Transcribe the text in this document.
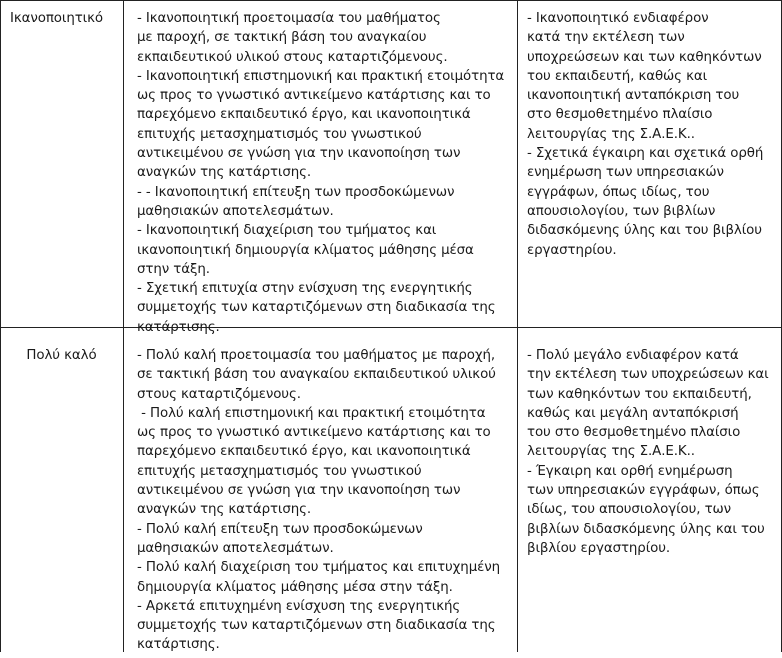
Ικανοποιητικό	- Ικανοποιητική προετοιμασία του μαθήματος
με παροχή, σε τακτική βάση του αναγκαίου
εκπαιδευτικού υλικού στους καταρτιζόμενους.
- Ικανοποιητική επιστημονική και πρακτική ετοιμότητα
ως προς το γνωστικό αντικείμενο κατάρτισης και το
παρεχόμενο εκπαιδευτικό έργο, και ικανοποιητικά
επιτυχής μετασχηματισμός του γνωστικού
αντικειμένου σε γνώση για την ικανοποίηση των
αναγκών της κατάρτισης.
- - Ικανοποιητική επίτευξη των προσδοκώμενων
μαθησιακών αποτελεσμάτων.
- Ικανοποιητική διαχείριση του τμήματος και
ικανοποιητική δημιουργία κλίματος μάθησης μέσα
στην τάξη.
- Σχετική επιτυχία στην ενίσχυση της ενεργητικής
συμμετοχής των καταρτιζόμενων στη διαδικασία της
κατάρτισης.
- Ικανοποιητικό ενδιαφέρον
κατά την εκτέλεση των
υποχρεώσεων και των καθηκόντων
του εκπαιδευτή, καθώς και
ικανοποιητική ανταπόκριση του
στο θεσμοθετημένο πλαίσιο
λειτουργίας της Σ.Α.Ε.Κ..
- Σχετικά έγκαιρη και σχετικά ορθή
ενημέρωση των υπηρεσιακών
εγγράφων, όπως ιδίως, του
απουσιολογίου, των βιβλίων
διδασκόμενης ύλης και του βιβλίου
εργαστηρίου.
Πολύ καλό	- Πολύ καλή προετοιμασία του μαθήματος με παροχή,
σε τακτική βάση του αναγκαίου εκπαιδευτικού υλικού
στους καταρτιζόμενους.
- Πολύ καλή επιστημονική και πρακτική ετοιμότητα
ως προς το γνωστικό αντικείμενο κατάρτισης και το
παρεχόμενο εκπαιδευτικό έργο, και ικανοποιητικά
επιτυχής μετασχηματισμός του γνωστικού
αντικειμένου σε γνώση για την ικανοποίηση των
αναγκών της κατάρτισης.
- Πολύ καλή επίτευξη των προσδοκώμενων
μαθησιακών αποτελεσμάτων.
- Πολύ καλή διαχείριση του τμήματος και επιτυχημένη
δημιουργία κλίματος μάθησης μέσα στην τάξη.
- Αρκετά επιτυχημένη ενίσχυση της ενεργητικής
συμμετοχής των καταρτιζόμενων στη διαδικασία της
κατάρτισης.
- Πολύ μεγάλο ενδιαφέρον κατά
την εκτέλεση των υποχρεώσεων και
των καθηκόντων του εκπαιδευτή,
καθώς και μεγάλη ανταπόκρισή
του στο θεσμοθετημένο πλαίσιο
λειτουργίας της Σ.Α.Ε.Κ..
- Έγκαιρη και ορθή ενημέρωση
των υπηρεσιακών εγγράφων, όπως
ιδίως, του απουσιολογίου, των
βιβλίων διδασκόμενης ύλης και του
βιβλίου εργαστηρίου.
